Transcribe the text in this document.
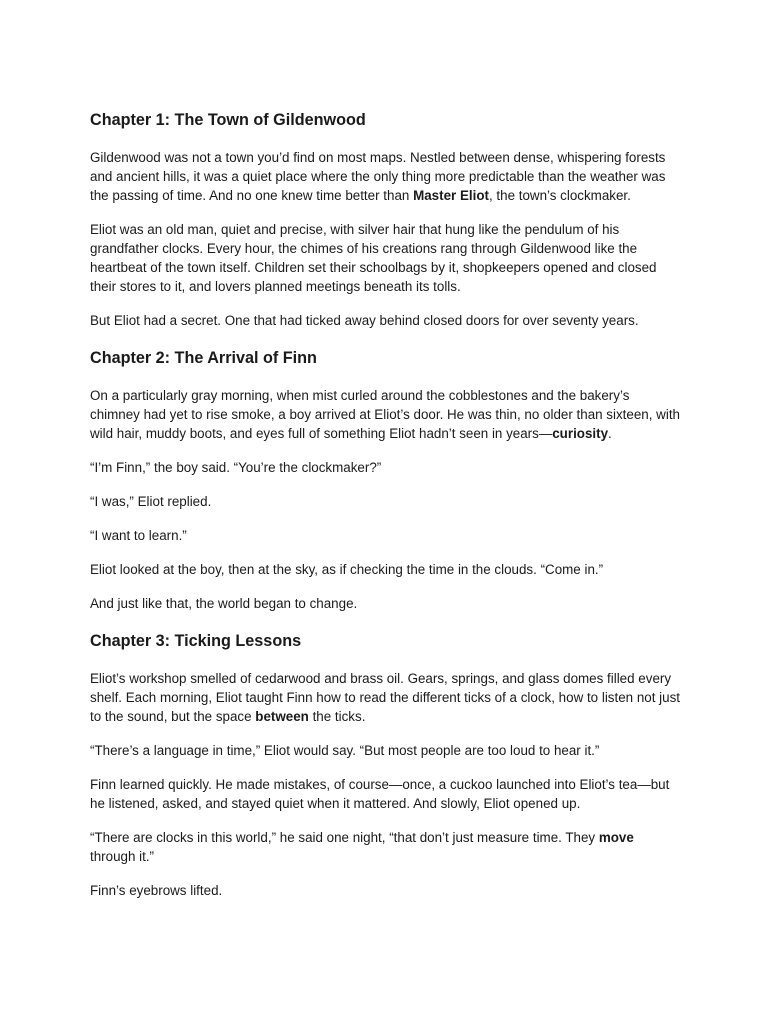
Chapter 1: The Town of Gildenwood

Gildenwood was not a town you’d find on most maps. Nestled between dense, whispering forests and ancient hills, it was a quiet place where the only thing more predictable than the weather was the passing of time. And no one knew time better than Master Eliot, the town’s clockmaker.

Eliot was an old man, quiet and precise, with silver hair that hung like the pendulum of his grandfather clocks. Every hour, the chimes of his creations rang through Gildenwood like the heartbeat of the town itself. Children set their schoolbags by it, shopkeepers opened and closed their stores to it, and lovers planned meetings beneath its tolls.

But Eliot had a secret. One that had ticked away behind closed doors for over seventy years.

Chapter 2: The Arrival of Finn

On a particularly gray morning, when mist curled around the cobblestones and the bakery’s chimney had yet to rise smoke, a boy arrived at Eliot’s door. He was thin, no older than sixteen, with wild hair, muddy boots, and eyes full of something Eliot hadn’t seen in years—curiosity.

“I’m Finn,” the boy said. “You’re the clockmaker?”

“I was,” Eliot replied.

“I want to learn.”

Eliot looked at the boy, then at the sky, as if checking the time in the clouds. “Come in.”

And just like that, the world began to change.

Chapter 3: Ticking Lessons

Eliot’s workshop smelled of cedarwood and brass oil. Gears, springs, and glass domes filled every shelf. Each morning, Eliot taught Finn how to read the different ticks of a clock, how to listen not just to the sound, but the space between the ticks.

“There’s a language in time,” Eliot would say. “But most people are too loud to hear it.”

Finn learned quickly. He made mistakes, of course—once, a cuckoo launched into Eliot’s tea—but he listened, asked, and stayed quiet when it mattered. And slowly, Eliot opened up.

“There are clocks in this world,” he said one night, “that don’t just measure time. They move through it.”

Finn’s eyebrows lifted.
